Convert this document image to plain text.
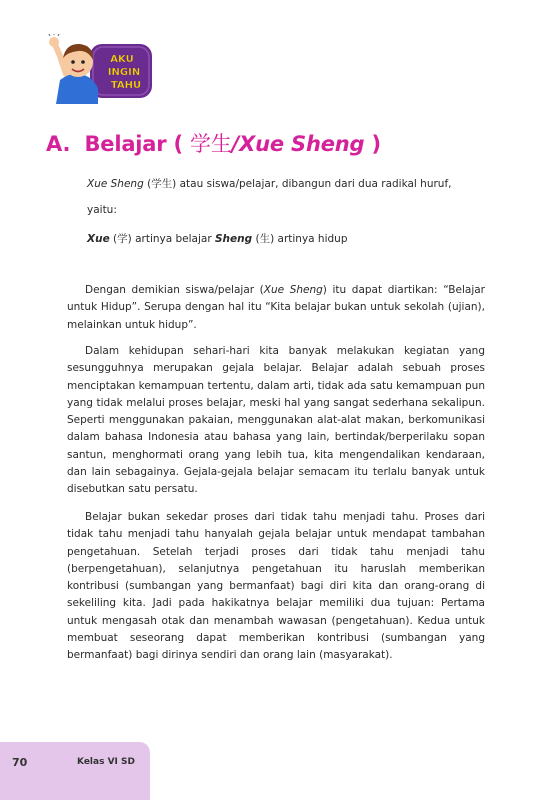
AKU
INGIN
TAHU
A. Belajar ( 学生/Xue Sheng )
Xue Sheng (学生) atau siswa/pelajar, dibangun dari dua radikal huruf,
yaitu:
Xue (学) artinya belajar Sheng (生) artinya hidup

Dengan demikian siswa/pelajar (Xue Sheng) itu dapat diartikan: “Belajar untuk Hidup”. Serupa dengan hal itu “Kita belajar bukan untuk sekolah (ujian), melainkan untuk hidup”.

Dalam kehidupan sehari-hari kita banyak melakukan kegiatan yang sesungguhnya merupakan gejala belajar. Belajar adalah sebuah proses menciptakan kemampuan tertentu, dalam arti, tidak ada satu kemampuan pun yang tidak melalui proses belajar, meski hal yang sangat sederhana sekalipun. Seperti menggunakan pakaian, menggunakan alat-alat makan, berkomunikasi dalam bahasa Indonesia atau bahasa yang lain, bertindak/berperilaku sopan santun, menghormati orang yang lebih tua, kita mengendalikan kendaraan, dan lain sebagainya. Gejala-gejala belajar semacam itu terlalu banyak untuk disebutkan satu persatu.

Belajar bukan sekedar proses dari tidak tahu menjadi tahu. Proses dari tidak tahu menjadi tahu hanyalah gejala belajar untuk mendapat tambahan pengetahuan. Setelah terjadi proses dari tidak tahu menjadi tahu (berpengetahuan), selanjutnya pengetahuan itu haruslah memberikan kontribusi (sumbangan yang bermanfaat) bagi diri kita dan orang-orang di sekeliling kita. Jadi pada hakikatnya belajar memiliki dua tujuan: Pertama untuk mengasah otak dan menambah wawasan (pengetahuan). Kedua untuk membuat seseorang dapat memberikan kontribusi (sumbangan yang bermanfaat) bagi dirinya sendiri dan orang lain (masyarakat).

70	Kelas VI SD
